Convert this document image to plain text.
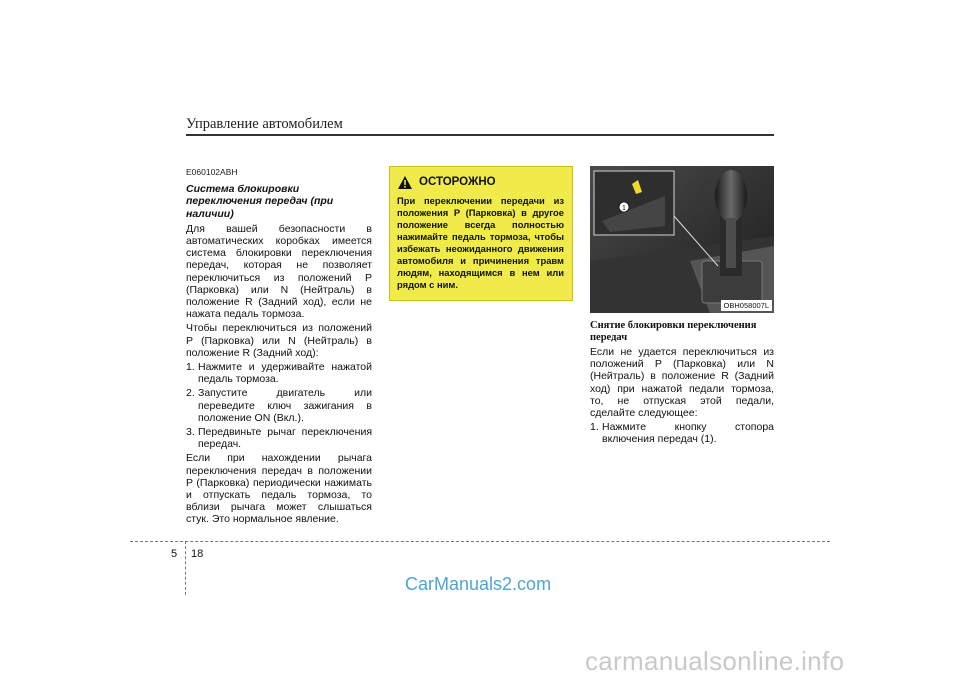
Управление автомобилем
E060102ABH
Система блокировки переключения передач (при наличии)

Для вашей безопасности в автоматических коробках имеется система блокировки переключения передач, которая не позволяет переключиться из положений P (Парковка) или N (Нейтраль) в положение R (Задний ход), если не нажата педаль тормоза.

Чтобы переключиться из положений P (Парковка) или N (Нейтраль) в положение R (Задний ход):

1. Нажмите и удерживайте нажатой педаль тормоза.
2. Запустите двигатель или переведите ключ зажигания в положение ON (Вкл.).
3. Передвиньте рычаг переключения передач.

Если при нахождении рычага переключения передач в положении P (Парковка) периодически нажимать и отпускать педаль тормоза, то вблизи рычага может слышаться стук. Это нормальное явление.

ОСТОРОЖНО
При переключении передачи из положения P (Парковка) в другое положение всегда полностью нажимайте педаль тормоза, чтобы избежать неожиданного движения автомобиля и причинения травм людям, находящимся в нем или рядом с ним.
1
OBH058007L
Снятие блокировки переключения передач

Если не удается переключиться из положений P (Парковка) или N (Нейтраль) в положение R (Задний ход) при нажатой педали тормоза, то, не отпуская этой педали, сделайте следующее:

1. Нажмите кнопку стопора включения передач (1).
5 18
CarManuals2.com
carmanualsonline.info
